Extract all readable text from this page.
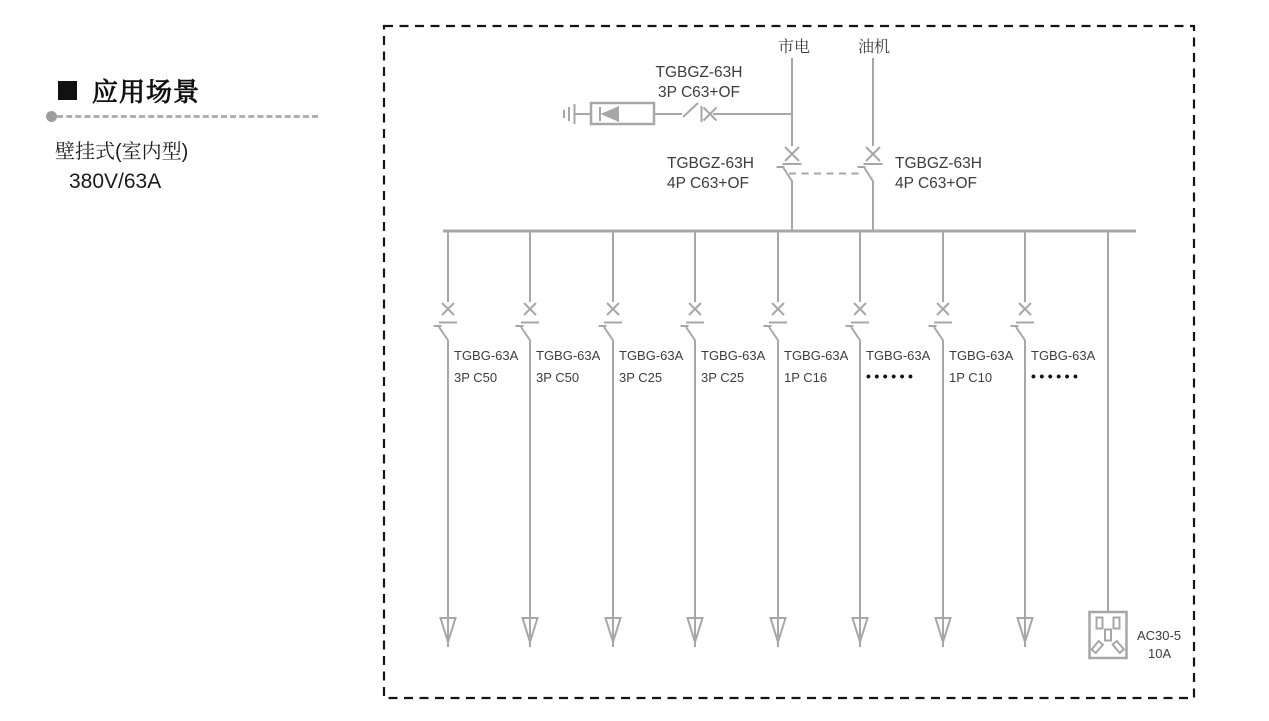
应用场景

壁挂式(室内型)

380V/63A

市电	油机
TGBGZ-63H
3P C63+OF
TGBGZ-63H
4P C63+OF
TGBGZ-63H
4P C63+OF
TGBG-63A
3P C50
TGBG-63A
3P C50
TGBG-63A
3P C25
TGBG-63A
3P C25
TGBG-63A
1P C16
TGBG-63A
••••••
TGBG-63A
1P C10
TGBG-63A
••••••
AC30-5
10A
